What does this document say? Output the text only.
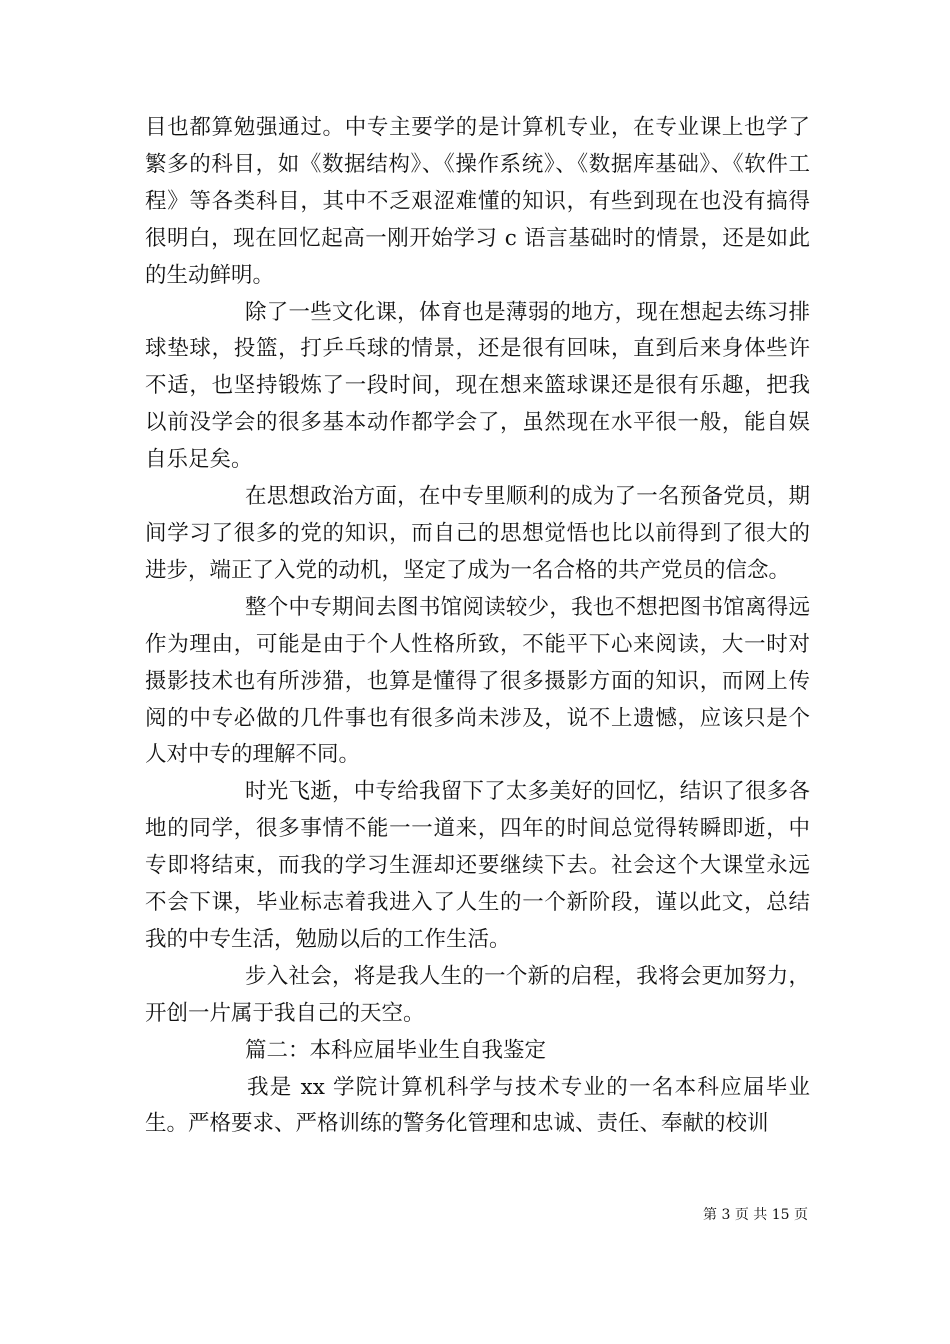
目也都算勉强通过。中专主要学的是计算机专业，在专业课上也学了繁多的科目，如《数据结构》、《操作系统》、《数据库基础》、《软件工程》等各类科目，其中不乏艰涩难懂的知识，有些到现在也没有搞得很明白，现在回忆起高一刚开始学习 c 语言基础时的情景，还是如此的生动鲜明。

除了一些文化课，体育也是薄弱的地方，现在想起去练习排球垫球，投篮，打乒乓球的情景，还是很有回味，直到后来身体些许不适，也坚持锻炼了一段时间，现在想来篮球课还是很有乐趣，把我以前没学会的很多基本动作都学会了，虽然现在水平很一般，能自娱自乐足矣。

在思想政治方面，在中专里顺利的成为了一名预备党员，期间学习了很多的党的知识，而自己的思想觉悟也比以前得到了很大的进步，端正了入党的动机，坚定了成为一名合格的共产党员的信念。

整个中专期间去图书馆阅读较少，我也不想把图书馆离得远作为理由，可能是由于个人性格所致，不能平下心来阅读，大一时对摄影技术也有所涉猎，也算是懂得了很多摄影方面的知识，而网上传阅的中专必做的几件事也有很多尚未涉及，说不上遗憾，应该只是个人对中专的理解不同。

时光飞逝，中专给我留下了太多美好的回忆，结识了很多各地的同学，很多事情不能一一道来，四年的时间总觉得转瞬即逝，中专即将结束，而我的学习生涯却还要继续下去。社会这个大课堂永远不会下课，毕业标志着我进入了人生的一个新阶段，谨以此文，总结我的中专生活，勉励以后的工作生活。

步入社会，将是我人生的一个新的启程，我将会更加努力，开创一片属于我自己的天空。

篇二：本科应届毕业生自我鉴定

我是 xx 学院计算机科学与技术专业的一名本科应届毕业生。严格要求、严格训练的警务化管理和忠诚、责任、奉献的校训

第 3 页 共 15 页
